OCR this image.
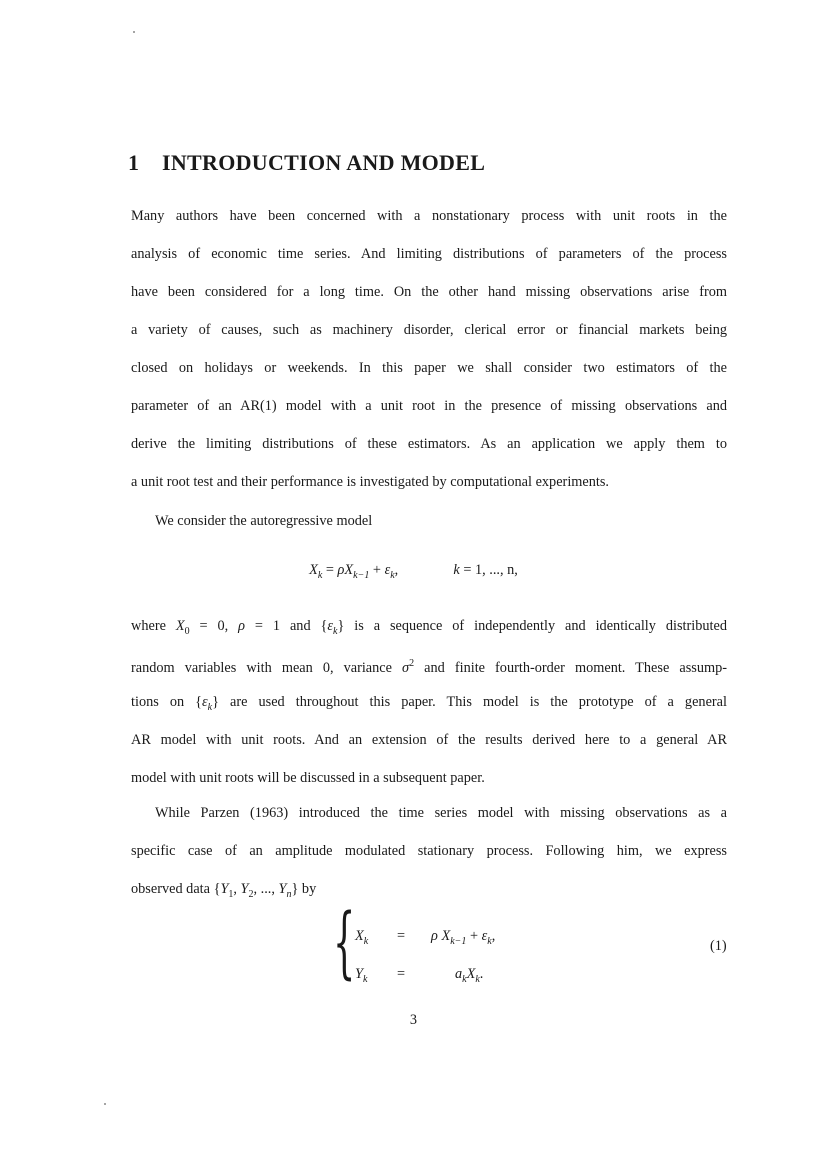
1 INTRODUCTION AND MODEL
Many authors have been concerned with a nonstationary process with unit roots in the
analysis of economic time series. And limiting distributions of parameters of the process
have been considered for a long time. On the other hand missing observations arise from
a variety of causes, such as machinery disorder, clerical error or financial markets being
closed on holidays or weekends. In this paper we shall consider two estimators of the
parameter of an AR(1) model with a unit root in the presence of missing observations and
derive the limiting distributions of these estimators. As an application we apply them to
a unit root test and their performance is investigated by computational experiments.
We consider the autoregressive model
$X_k = \rho X_{k-1} + \varepsilon_k$,	k = 1, ..., n,
where $X_0 = 0$, ρ = 1 and $\{\varepsilon_k\}$ is a sequence of independently and identically distributed
random variables with mean 0, variance $\sigma^2$ and finite fourth-order moment. These assump-
tions on $\{\varepsilon_k\}$ are used throughout this paper. This model is the prototype of a general
AR model with unit roots. And an extension of the results derived here to a general AR
model with unit roots will be discussed in a subsequent paper.
While Parzen (1963) introduced the time series model with missing observations as a
specific case of an amplitude modulated stationary process. Following him, we express
observed data {$Y_1$, $Y_2$, ..., $Y_n$} by
{ $X_k = \rho$ $X_{k-1} + \varepsilon_k$,
$Y_k$ =	$a_kX_k$.
(1)
3
